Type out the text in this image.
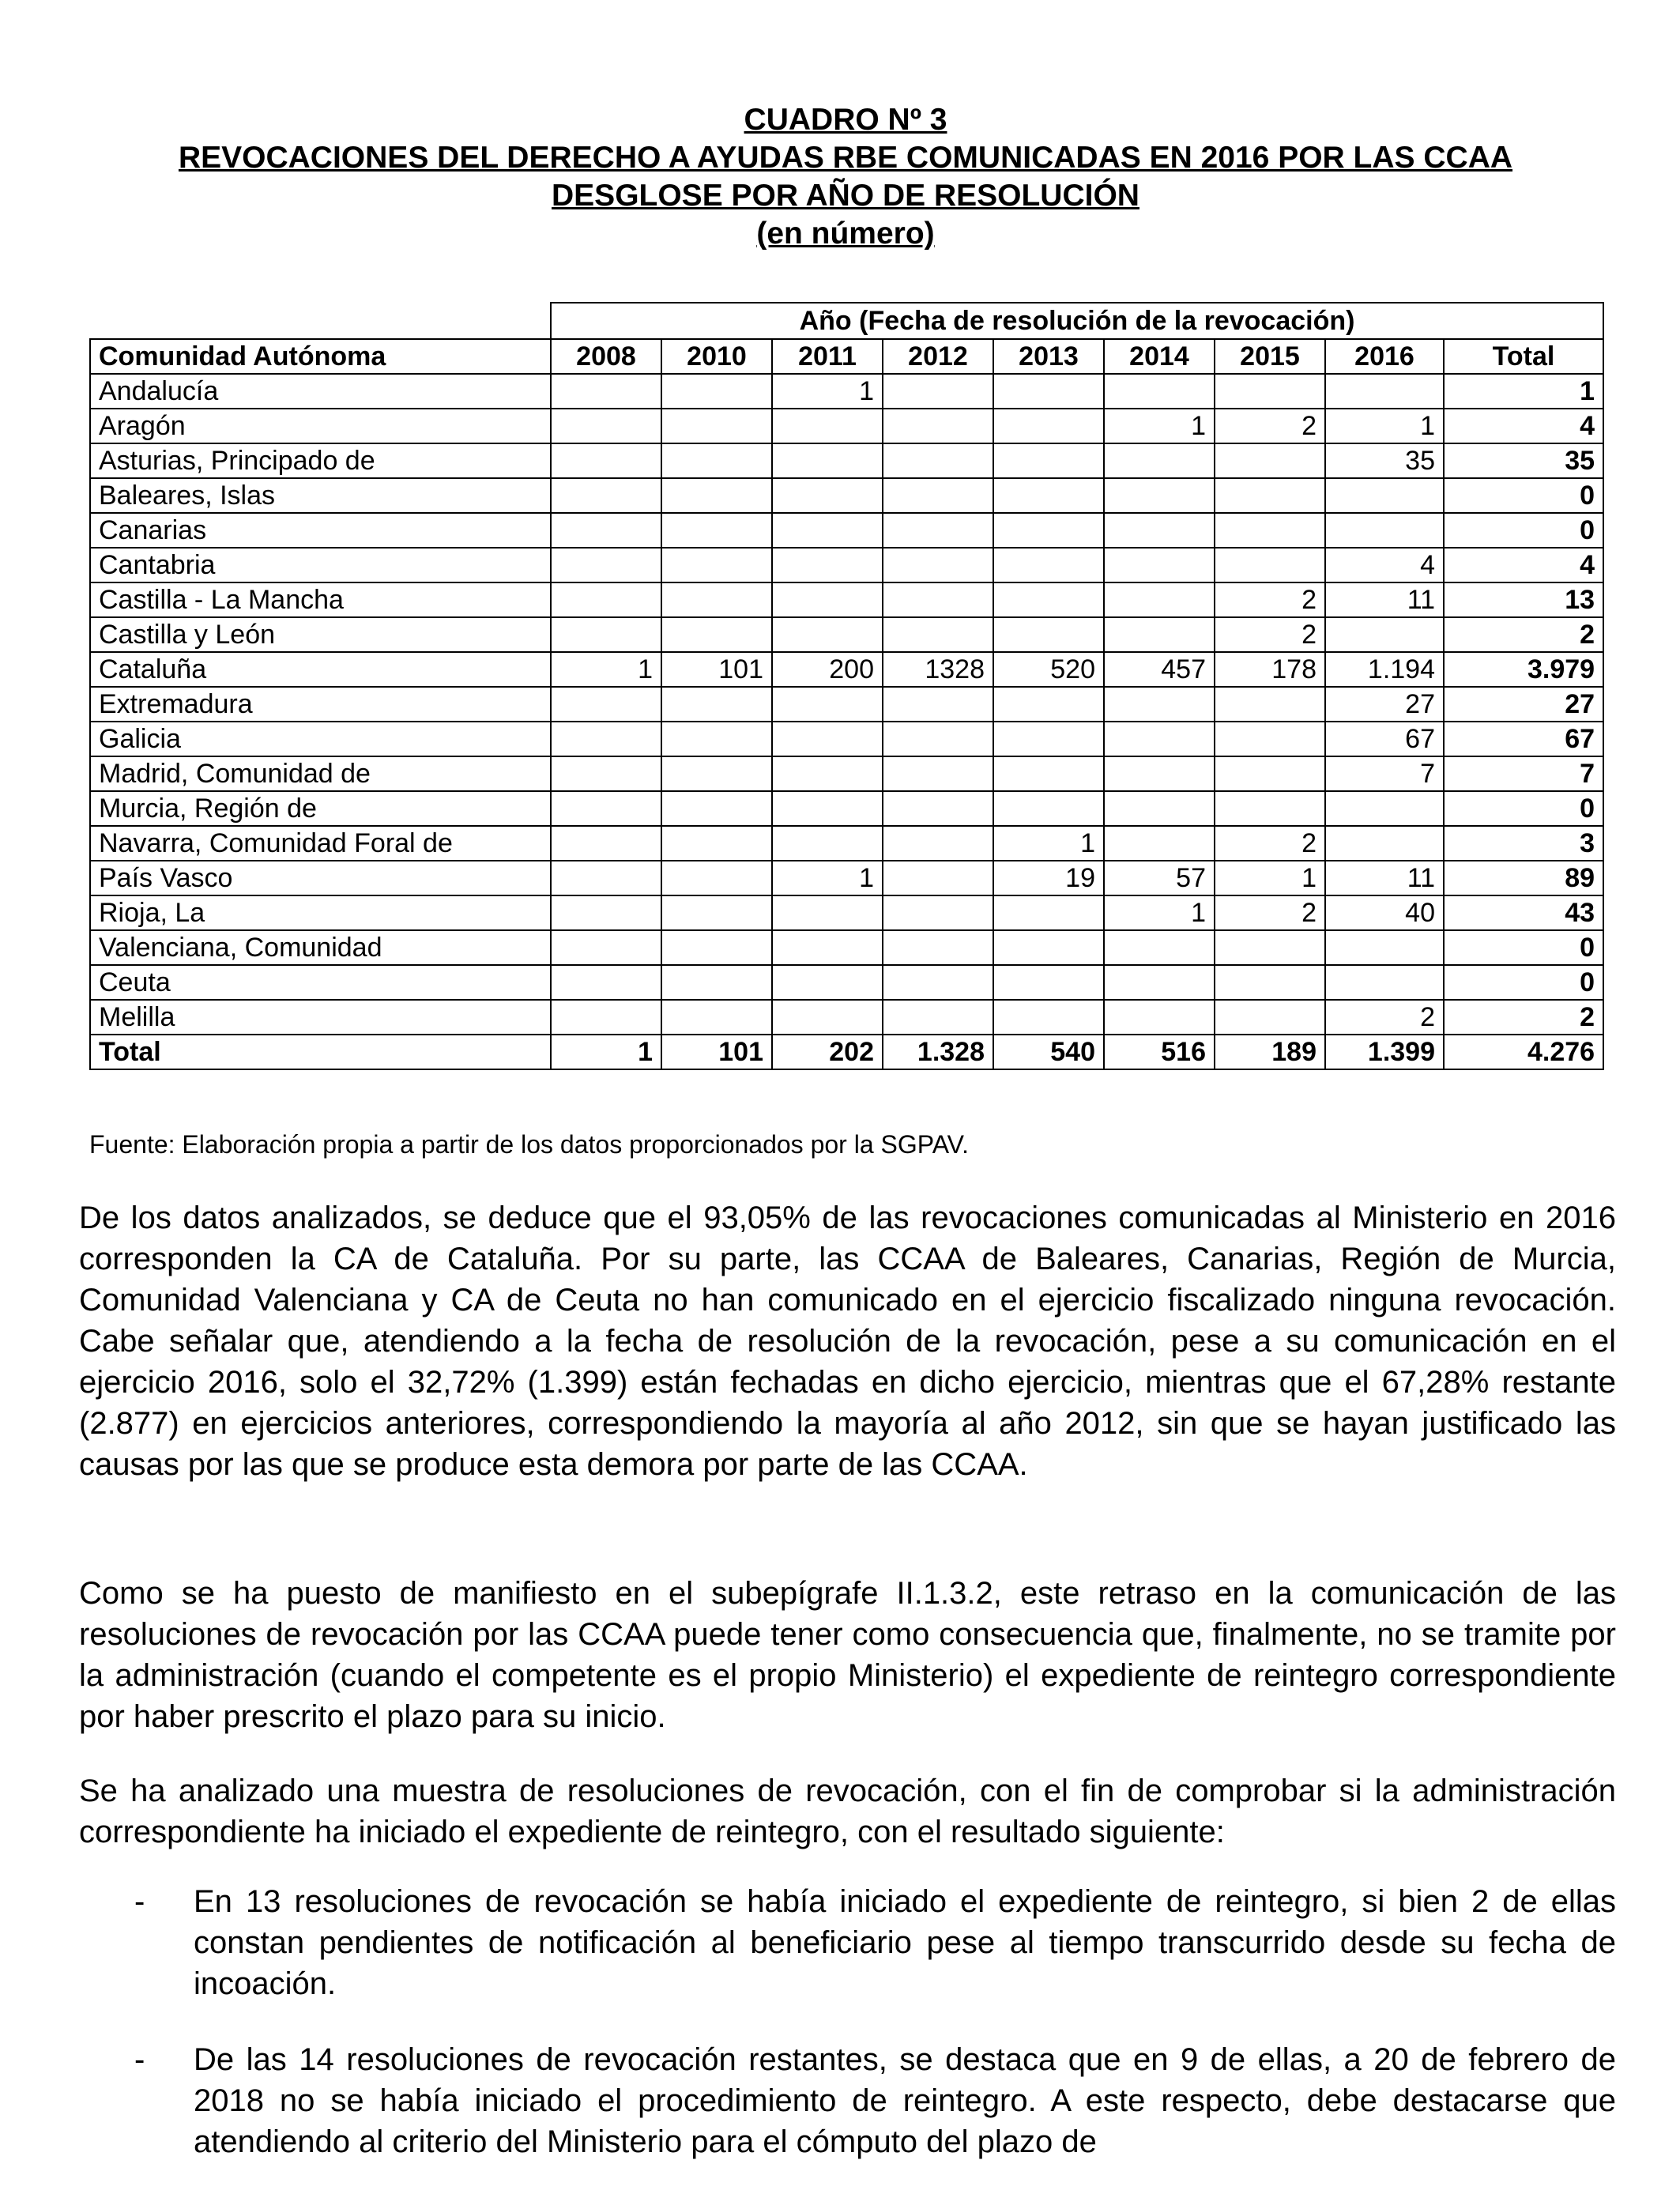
CUADRO Nº 3
REVOCACIONES DEL DERECHO A AYUDAS RBE COMUNICADAS EN 2016 POR LAS CCAA
DESGLOSE POR AÑO DE RESOLUCIÓN
(en número)
	Año (Fecha de resolución de la revocación)								
Comunidad Autónoma	2008	2010	2011	2012	2013	2014	2015	2016	Total
Andalucía			1						1
Aragón						1	2	1	4
Asturias, Principado de								35	35
Baleares, Islas									0
Canarias									0
Cantabria								4	4
Castilla - La Mancha							2	11	13
Castilla y León							2		2
Cataluña	1	101	200	1328	520	457	178	1.194	3.979
Extremadura								27	27
Galicia								67	67
Madrid, Comunidad de								7	7
Murcia, Región de									0
Navarra, Comunidad Foral de					1		2		3
País Vasco			1		19	57	1	11	89
Rioja, La						1	2	40	43
Valenciana, Comunidad									0
Ceuta									0
Melilla								2	2
Total	1	101	202	1.328	540	516	189	1.399	4.276
Fuente: Elaboración propia a partir de los datos proporcionados por la SGPAV.
De los datos analizados, se deduce que el 93,05% de las revocaciones comunicadas al Ministerio en 2016 corresponden la CA de Cataluña. Por su parte, las CCAA de Baleares, Canarias, Región de Murcia, Comunidad Valenciana y CA de Ceuta no han comunicado en el ejercicio fiscalizado ninguna revocación. Cabe señalar que, atendiendo a la fecha de resolución de la revocación, pese a su comunicación en el ejercicio 2016, solo el 32,72% (1.399) están fechadas en dicho ejercicio, mientras que el 67,28% restante (2.877) en ejercicios anteriores, correspondiendo la mayoría al año 2012, sin que se hayan justificado las causas por las que se produce esta demora por parte de las CCAA.
Como se ha puesto de manifiesto en el subepígrafe II.1.3.2, este retraso en la comunicación de las resoluciones de revocación por las CCAA puede tener como consecuencia que, finalmente, no se tramite por la administración (cuando el competente es el propio Ministerio) el expediente de reintegro correspondiente por haber prescrito el plazo para su inicio.
Se ha analizado una muestra de resoluciones de revocación, con el fin de comprobar si la administración correspondiente ha iniciado el expediente de reintegro, con el resultado siguiente:
- En 13 resoluciones de revocación se había iniciado el expediente de reintegro, si bien 2 de ellas constan pendientes de notificación al beneficiario pese al tiempo transcurrido desde su fecha de incoación.
- De las 14 resoluciones de revocación restantes, se destaca que en 9 de ellas, a 20 de febrero de 2018 no se había iniciado el procedimiento de reintegro. A este respecto, debe destacarse que atendiendo al criterio del Ministerio para el cómputo del plazo de
